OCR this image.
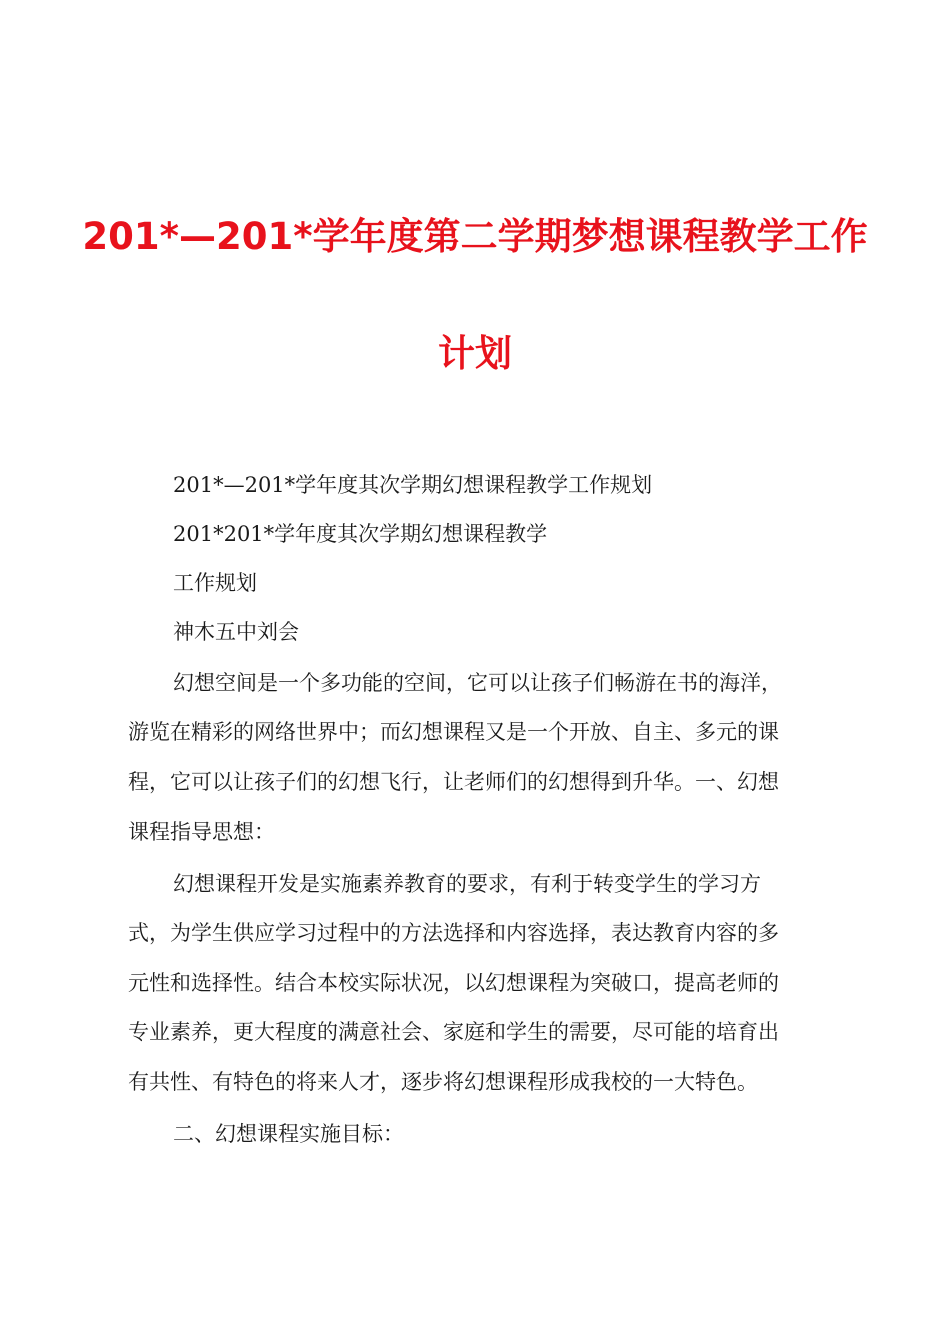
201*—201*学年度第二学期梦想课程教学工作
计划
201*—201*学年度其次学期幻想课程教学工作规划
201*201*学年度其次学期幻想课程教学
工作规划
神木五中刘会
幻想空间是一个多功能的空间，它可以让孩子们畅游在书的海洋，
游览在精彩的网络世界中；而幻想课程又是一个开放、自主、多元的课
程，它可以让孩子们的幻想飞行，让老师们的幻想得到升华。一、幻想
课程指导思想：
幻想课程开发是实施素养教育的要求，有利于转变学生的学习方
式，为学生供应学习过程中的方法选择和内容选择，表达教育内容的多
元性和选择性。结合本校实际状况，以幻想课程为突破口，提高老师的
专业素养，更大程度的满意社会、家庭和学生的需要，尽可能的培育出
有共性、有特色的将来人才，逐步将幻想课程形成我校的一大特色。
二、幻想课程实施目标：
